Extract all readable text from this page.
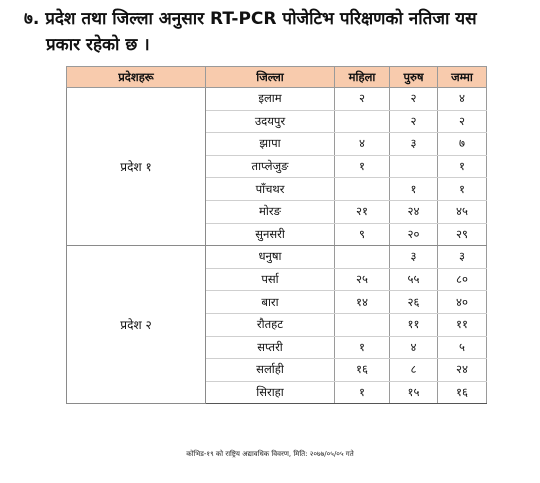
७. प्रदेश तथा जिल्ला अनुसार RT-PCR पोजेटिभ परिक्षणको नतिजा यस
प्रकार रहेको छ ।
प्रदेशहरू	जिल्ला	महिला	पुरुष	जम्मा
प्रदेश १	इलाम	२	२	४
	उदयपुर		२	२
	झापा	४	३	७
	ताप्लेजुङ	१		१
	पाँचथर		१	१
	मोरङ	२१	२४	४५
	सुनसरी	९	२०	२९
प्रदेश २	धनुषा		३	३
	पर्सा	२५	५५	८०
	बारा	१४	२६	४०
	रौतहट		११	११
	सप्तरी	१	४	५
	सर्लाही	१६	८	२४
	सिराहा	१	१५	१६
कोभिड-१९ को राष्ट्रिय अद्यावधिक विवरण, मिति: २०७७/०५/०५ गते
